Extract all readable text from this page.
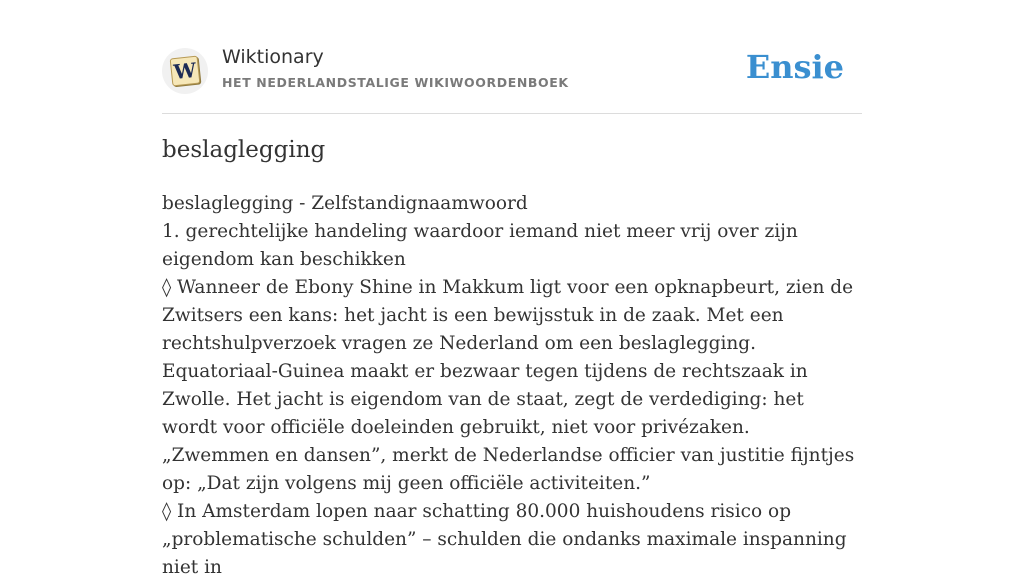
W
Wiktionary
HET NEDERLANDSTALIGE WIKIWOORDENBOEK	Ensie
beslaglegging

beslaglegging - Zelfstandignaamwoord

1. gerechtelijke handeling waardoor iemand niet meer vrij over zijn eigendom kan beschikken

◊ Wanneer de Ebony Shine in Makkum ligt voor een opknapbeurt, zien de Zwitsers een kans: het jacht is een bewijsstuk in de zaak. Met een rechtshulpverzoek vragen ze Nederland om een beslaglegging. Equatoriaal-Guinea maakt er bezwaar tegen tijdens de rechtszaak in Zwolle. Het jacht is eigendom van de staat, zegt de verdediging: het wordt voor officiële doeleinden gebruikt, niet voor privézaken. „Zwemmen en dansen”, merkt de Nederlandse officier van justitie fijntjes op: „Dat zijn volgens mij geen officiële activiteiten.”

◊ In Amsterdam lopen naar schatting 80.000 huishoudens risico op „problematische schulden” – schulden die ondanks maximale inspanning niet in
